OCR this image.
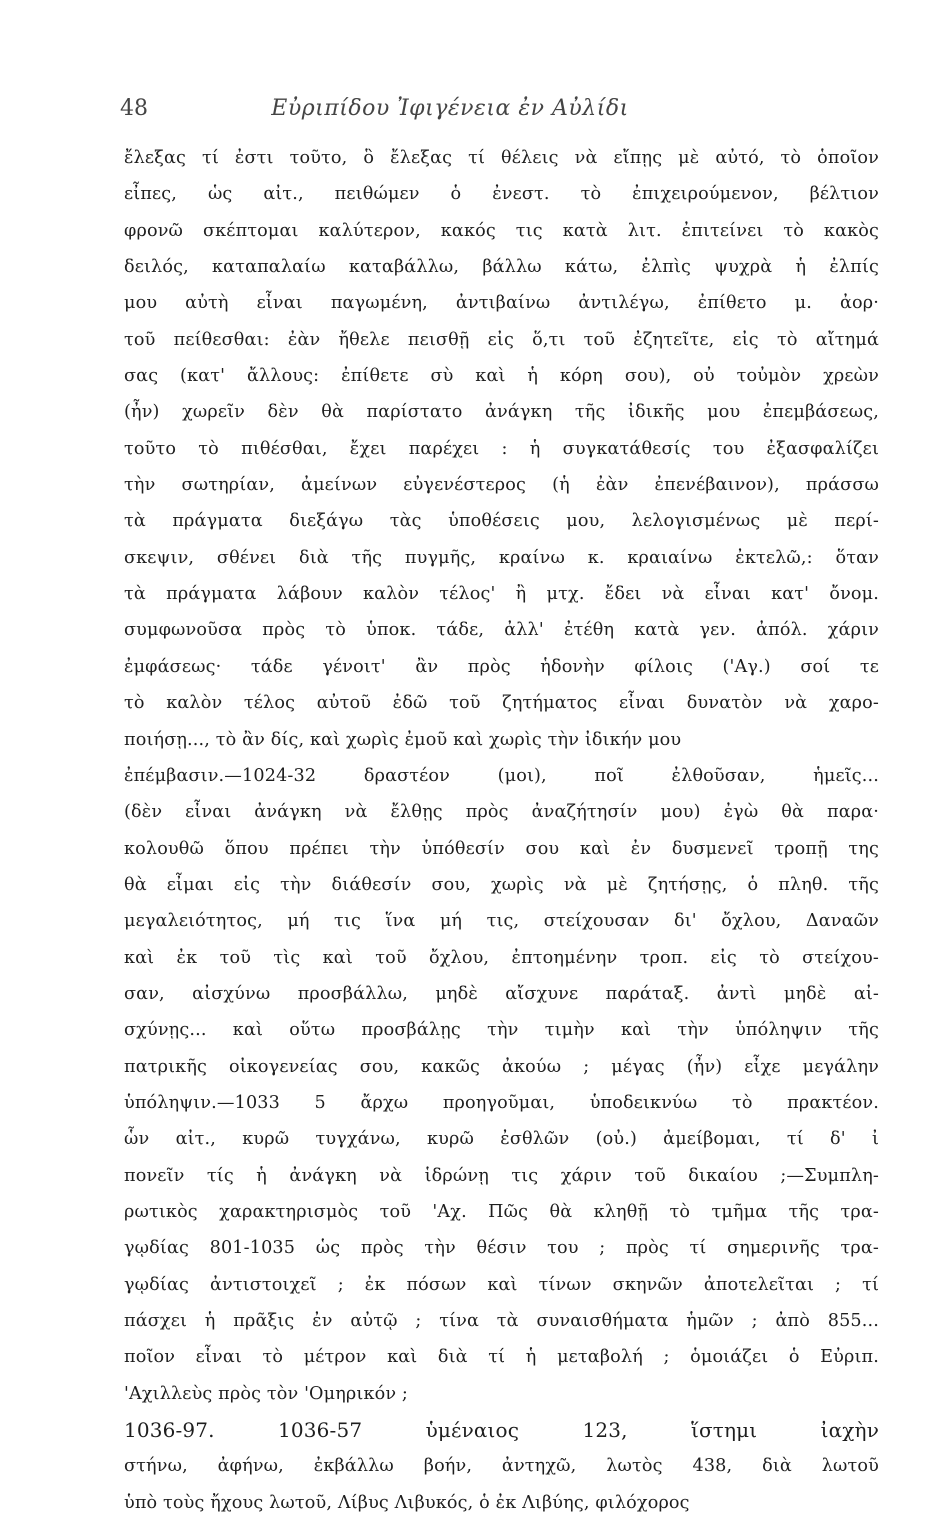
48	Εὐριπίδου Ἰφιγένεια ἐν Αὐλίδι
ἔλεξας τί ἐστι τοῦτο, ὃ ἔλεξας τί θέλεις νὰ εἴπῃς μὲ αὐτό, τὸ ὁποῖον
εἶπες, ὡς αἰτ., πειθώμεν ὁ ἐνεστ. τὸ ἐπιχειρούμενον, βέλτιον
φρονῶ σκέπτομαι καλύτερον, κακός τις κατὰ λιτ. ἐπιτείνει τὸ κακὸς
δειλός, καταπαλαίω καταβάλλω, βάλλω κάτω, ἐλπὶς ψυχρὰ ἡ ἐλπίς
μου αὐτὴ εἶναι παγωμένη, ἀντιβαίνω ἀντιλέγω, ἐπίθετο μ. ἀορ·
τοῦ πείθεσθαι: ἐὰν ἤθελε πεισθῇ εἰς ὅ,τι τοῦ ἐζητεῖτε, εἰς τὸ αἴτημά
σας (κατ' ἄλλους: ἐπίθετε σὺ καὶ ἡ κόρη σου), οὐ τοὐμὸν χρεὼν
(ἦν) χωρεῖν δὲν θὰ παρίστατο ἀνάγκη τῆς ἰδικῆς μου ἐπεμβάσεως,
τοῦτο τὸ πιθέσθαι, ἔχει παρέχει : ἡ συγκατάθεσίς του ἐξασφαλίζει
τὴν σωτηρίαν, ἀμείνων εὐγενέστερος (ἡ ἐὰν ἐπενέβαινον), πράσσω
τὰ πράγματα διεξάγω τὰς ὑποθέσεις μου, λελογισμένως μὲ περί-
σκεψιν, σθένει διὰ τῆς πυγμῆς, κραίνω κ. κραιαίνω ἐκτελῶ,: ὅταν
τὰ πράγματα λάβουν καλὸν τέλος' ἢ μτχ. ἔδει νὰ εἶναι κατ' ὄνομ.
συμφωνοῦσα πρὸς τὸ ὑποκ. τάδε, ἀλλ' ἐτέθη κατὰ γεν. ἀπόλ. χάριν
ἐμφάσεως· τάδε γένοιτ' ἂν πρὸς ἡδονὴν φίλοις ('Αγ.) σοί τε
τὸ καλὸν τέλος αὐτοῦ ἐδῶ τοῦ ζητήματος εἶναι δυνατὸν νὰ χαρο-
ποιήσῃ..., τὸ ἂν δίς, καὶ χωρὶς ἐμοῦ καὶ χωρὶς τὴν ἰδικήν μου
ἐπέμβασιν.—1024-32 δραστέον (μοι), ποῖ ἐλθοῦσαν, ἡμεῖς...
(δὲν εἶναι ἀνάγκη νὰ ἔλθῃς πρὸς ἀναζήτησίν μου) ἐγὼ θὰ παρα·
κολουθῶ ὅπου πρέπει τὴν ὑπόθεσίν σου καὶ ἐν δυσμενεῖ τροπῇ της
θὰ εἶμαι εἰς τὴν διάθεσίν σου, χωρὶς νὰ μὲ ζητήσῃς, ὁ πληθ. τῆς
μεγαλειότητος, μή τις ἵνα μή τις, στείχουσαν δι' ὄχλου, Δαναῶν
καὶ ἐκ τοῦ τὶς καὶ τοῦ ὄχλου, ἐπτοημένην τροπ. εἰς τὸ στείχου-
σαν, αἰσχύνω προσβάλλω, μηδὲ αἴσχυνε παράταξ. ἀντὶ μηδὲ αἰ-
σχύνῃς... καὶ οὕτω προσβάλῃς τὴν τιμὴν καὶ τὴν ὑπόληψιν τῆς
πατρικῆς οἰκογενείας σου, κακῶς ἀκούω ; μέγας (ἦν) εἶχε μεγάλην
ὑπόληψιν.—1033 5 ἄρχω προηγοῦμαι, ὑποδεικνύω τὸ πρακτέον.
ὧν αἰτ., κυρῶ τυγχάνω, κυρῶ ἐσθλῶν (οὐ.) ἀμείβομαι, τί δ' ἰ
πονεῖν τίς ἡ ἀνάγκη νὰ ἱδρώνῃ τις χάριν τοῦ δικαίου ;—Συμπλη-
ρωτικὸς χαρακτηρισμὸς τοῦ 'Αχ. Πῶς θὰ κληθῇ τὸ τμῆμα τῆς τρα-
γῳδίας 801-1035 ὡς πρὸς τὴν θέσιν του ; πρὸς τί σημερινῆς τρα-
γῳδίας ἀντιστοιχεῖ ; ἐκ πόσων καὶ τίνων σκηνῶν ἀποτελεῖται ; τί
πάσχει ἡ πρᾶξις ἐν αὐτῷ ; τίνα τὰ συναισθήματα ἡμῶν ; ἀπὸ 855...
ποῖον εἶναι τὸ μέτρον καὶ διὰ τί ἡ μεταβολή ; ὁμοιάζει ὁ Εὐριπ.
'Αχιλλεὺς πρὸς τὸν 'Ομηρικόν ;
1036-97. 1036-57 ὑμέναιος 123, ἵστημι ἰαχὴν
στήνω, ἀφήνω, ἐκβάλλω βοήν, ἀντηχῶ, λωτὸς 438, διὰ λωτοῦ
ὑπὸ τοὺς ἤχους λωτοῦ, Λίβυς Λιβυκός, ὁ ἐκ Λιβύης, φιλόχορος
